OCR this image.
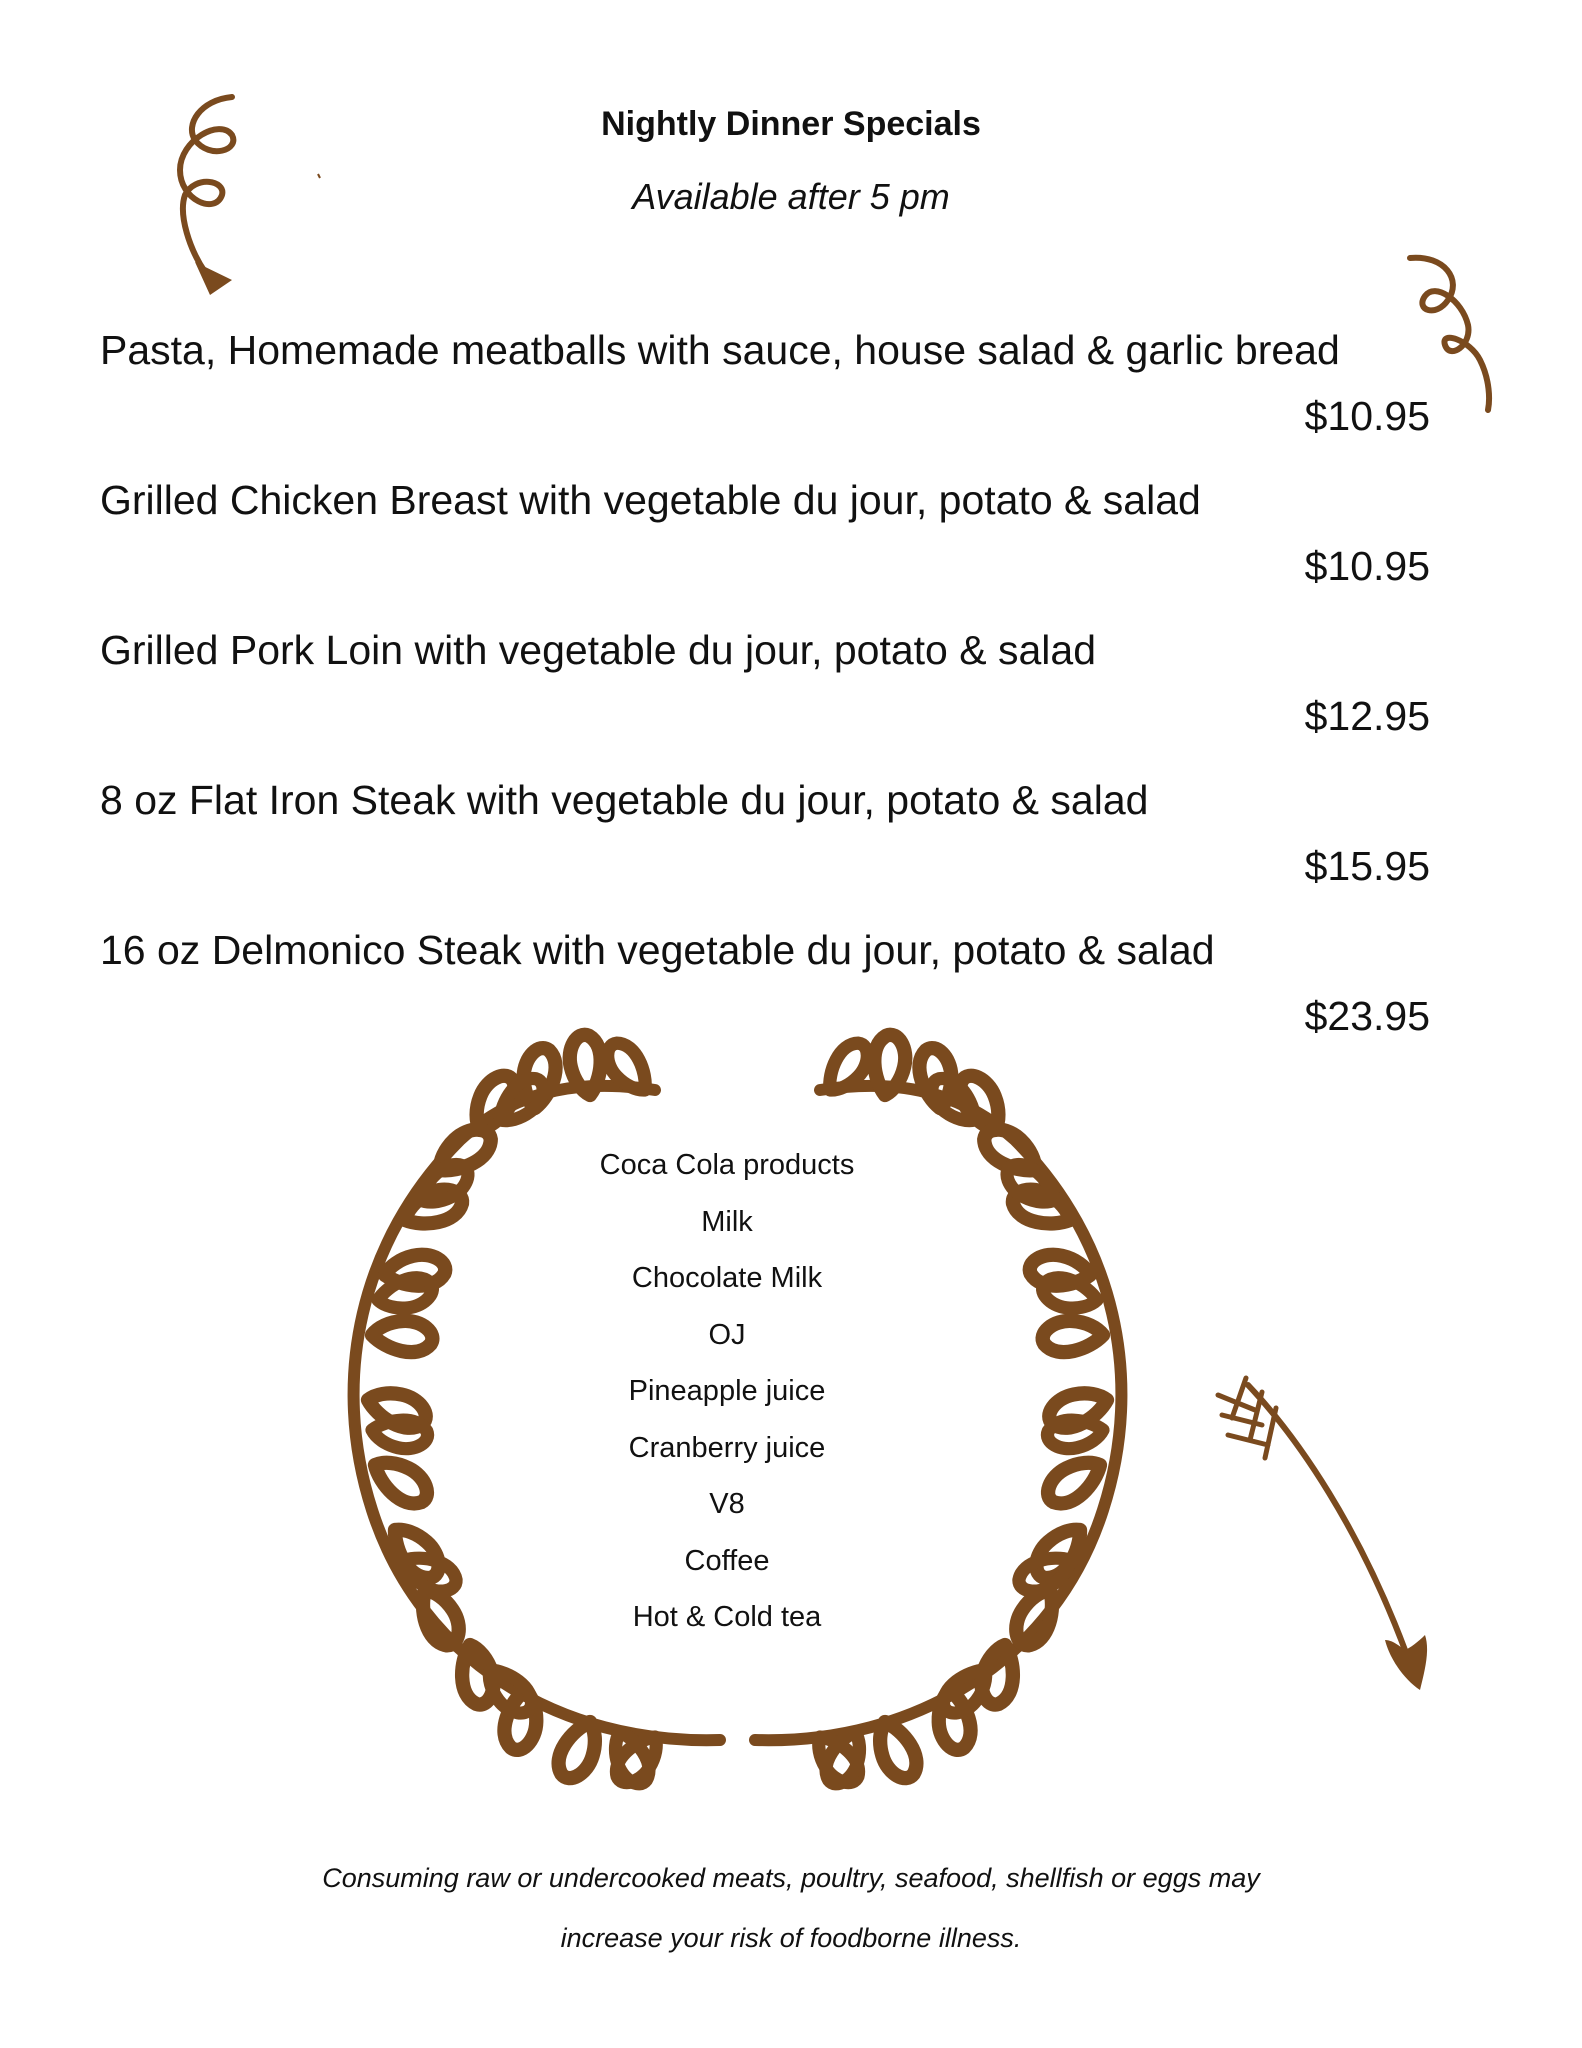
Nightly Dinner Specials
Available after 5 pm
Pasta, Homemade meatballs with sauce, house salad & garlic bread
$10.95
Grilled Chicken Breast with vegetable du jour, potato & salad
$10.95
Grilled Pork Loin with vegetable du jour, potato & salad
$12.95
8 oz Flat Iron Steak with vegetable du jour, potato & salad
$15.95
16 oz Delmonico Steak with vegetable du jour, potato & salad
$23.95
Coca Cola products
Milk
Chocolate Milk
OJ
Pineapple juice
Cranberry juice
V8
Coffee
Hot & Cold tea
Consuming raw or undercooked meats, poultry, seafood, shellfish or eggs may
increase your risk of foodborne illness.
